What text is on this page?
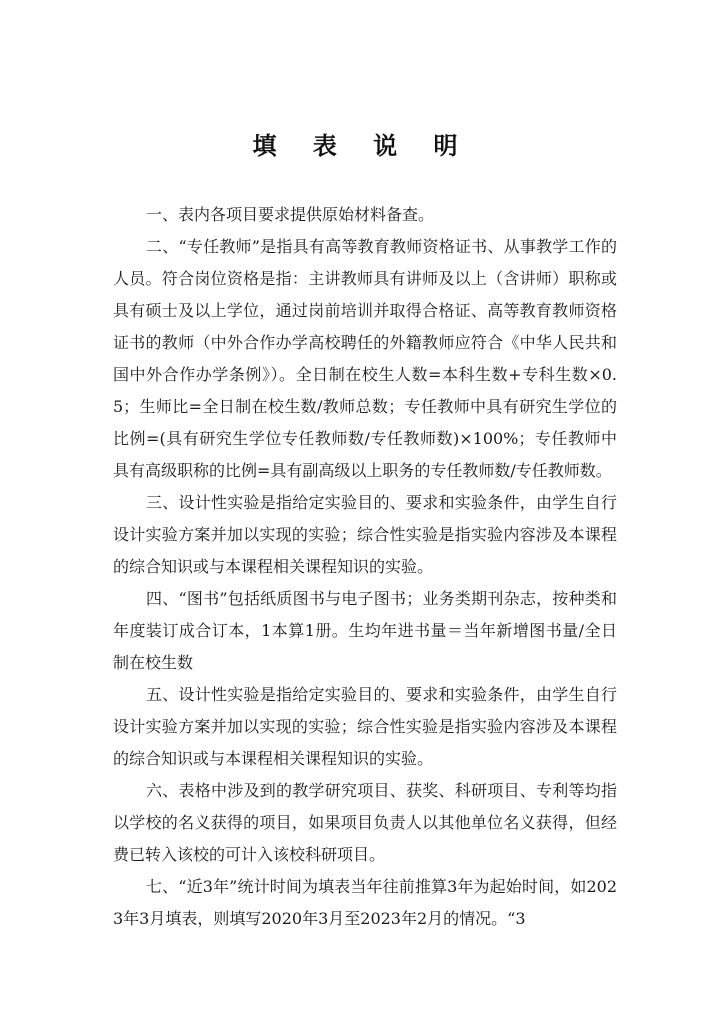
填 表 说 明

一、表内各项目要求提供原始材料备查。

二、“专任教师”是指具有高等教育教师资格证书、从事教学工作的人员。符合岗位资格是指：主讲教师具有讲师及以上（含讲师）职称或具有硕士及以上学位，通过岗前培训并取得合格证、高等教育教师资格证书的教师（中外合作办学高校聘任的外籍教师应符合《中华人民共和国中外合作办学条例》）。全日制在校生人数=本科生数+专科生数×0.5；生师比=全日制在校生数/教师总数；专任教师中具有研究生学位的比例=(具有研究生学位专任教师数/专任教师数)×100%；专任教师中具有高级职称的比例=具有副高级以上职务的专任教师数/专任教师数。

三、设计性实验是指给定实验目的、要求和实验条件，由学生自行设计实验方案并加以实现的实验；综合性实验是指实验内容涉及本课程的综合知识或与本课程相关课程知识的实验。

四、“图书”包括纸质图书与电子图书；业务类期刊杂志，按种类和年度装订成合订本，1本算1册。生均年进书量＝当年新增图书量/全日制在校生数

五、设计性实验是指给定实验目的、要求和实验条件，由学生自行设计实验方案并加以实现的实验；综合性实验是指实验内容涉及本课程的综合知识或与本课程相关课程知识的实验。

六、表格中涉及到的教学研究项目、获奖、科研项目、专利等均指以学校的名义获得的项目，如果项目负责人以其他单位名义获得，但经费已转入该校的可计入该校科研项目。

七、“近3年”统计时间为填表当年往前推算3年为起始时间，如2023年3月填表，则填写2020年3月至2023年2月的情况。“3
